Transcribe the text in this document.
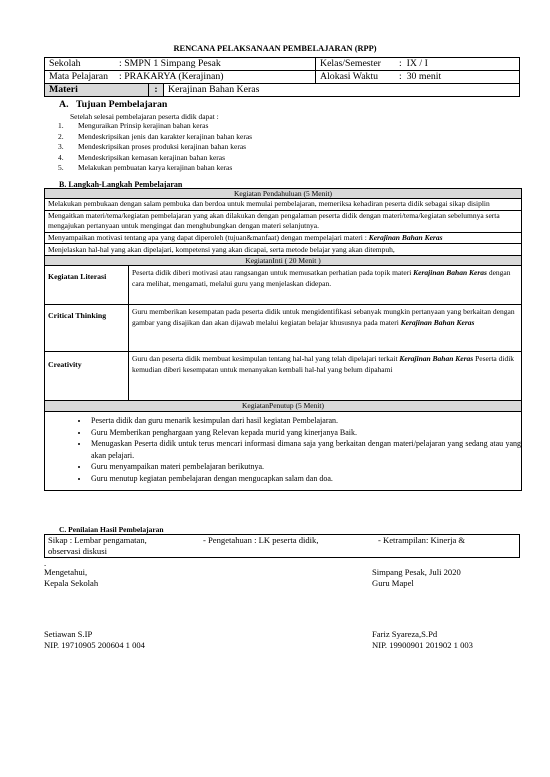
RENCANA PELAKSANAAN PEMBELAJARAN (RPP)
Sekolah : SMPN 1 Simpang Pesak	Kelas/Semester : IX / I
Mata Pelajaran : PRAKARYA (Kerajinan)	Alokasi Waktu : 30 menit

Materi : Kerajinan Bahan Keras	
A. Tujuan Pembelajaran
Setelah selesai pembelajaran peserta didik dapat :
1. Menguraikan Prinsip kerajinan bahan keras
2. Mendeskripsikan jenis dan karakter kerajinan bahan keras
3. Mendeskripsikan proses produksi kerajinan bahan keras
4. Mendeskripsikan kemasan kerajinan bahan keras
5. Melakukan pembuatan karya kerajinan bahan keras
B. Langkah-Langkah Pembelajaran
Kegiatan Pendahuluan (5 Menit)
Melakukan pembukaan dengan salam pembuka dan berdoa untuk memulai pembelajaran, memeriksa kehadiran peserta didik sebagai sikap disiplin
Mengaitkan materi/tema/kegiatan pembelajaran yang akan dilakukan dengan pengalaman peserta didik dengan materi/tema/kegiatan sebelumnya serta mengajukan pertanyaan untuk mengingat dan menghubungkan dengan materi selanjutnya.
Menyampaikan motivasi tentang apa yang dapat diperoleh (tujuan&manfaat) dengan mempelajari materi : Kerajinan Bahan Keras
Menjelaskan hal-hal yang akan dipelajari, kompetensi yang akan dicapai, serta metode belajar yang akan ditempuh,
KegiatanInti ( 20 Menit )
Kegiatan Literasi	Peserta didik diberi motivasi atau rangsangan untuk memusatkan perhatian pada topik materi Kerajinan Bahan Keras dengan cara melihat, mengamati, melalui guru yang menjelaskan didepan.
Critical Thinking	Guru memberikan kesempatan pada peserta didik untuk mengidentifikasi sebanyak mungkin pertanyaan yang berkaitan dengan gambar yang disajikan dan akan dijawab melalui kegiatan belajar khususnya pada materi Kerajinan Bahan Keras
Creativity	Guru dan peserta didik membuat kesimpulan tentang hal-hal yang telah dipelajari terkait Kerajinan Bahan Keras Peserta didik kemudian diberi kesempatan untuk menanyakan kembali hal-hal yang belum dipahami
KegiatanPenutup (5 Menit)
• Peserta didik dan guru menarik kesimpulan dari hasil kegiatan Pembelajaran.
• Guru Memberikan penghargaan yang Relevan kepada murid yang kinerjanya Baik.
• Menugaskan Peserta didik untuk terus mencari informasi dimana saja yang berkaitan dengan materi/pelajaran yang sedang atau yang akan pelajari.
• Guru menyampaikan materi pembelajaran berikutnya.
• Guru menutup kegiatan pembelajaran dengan mengucapkan salam dan doa.
C. Penilaian Hasil Pembelajaran
Sikap : Lembar pengamatan,	- Pengetahuan : LK peserta didik,	- Ketrampilan: Kinerja &
observasi diskusi
.
Mengetahui,
Kepala Sekolah
Simpang Pesak, Juli 2020
Guru Mapel
Setiawan S.IP
NIP. 19710905 200604 1 004
Fariz Syareza,S.Pd
NIP. 19900901 201902 1 003
